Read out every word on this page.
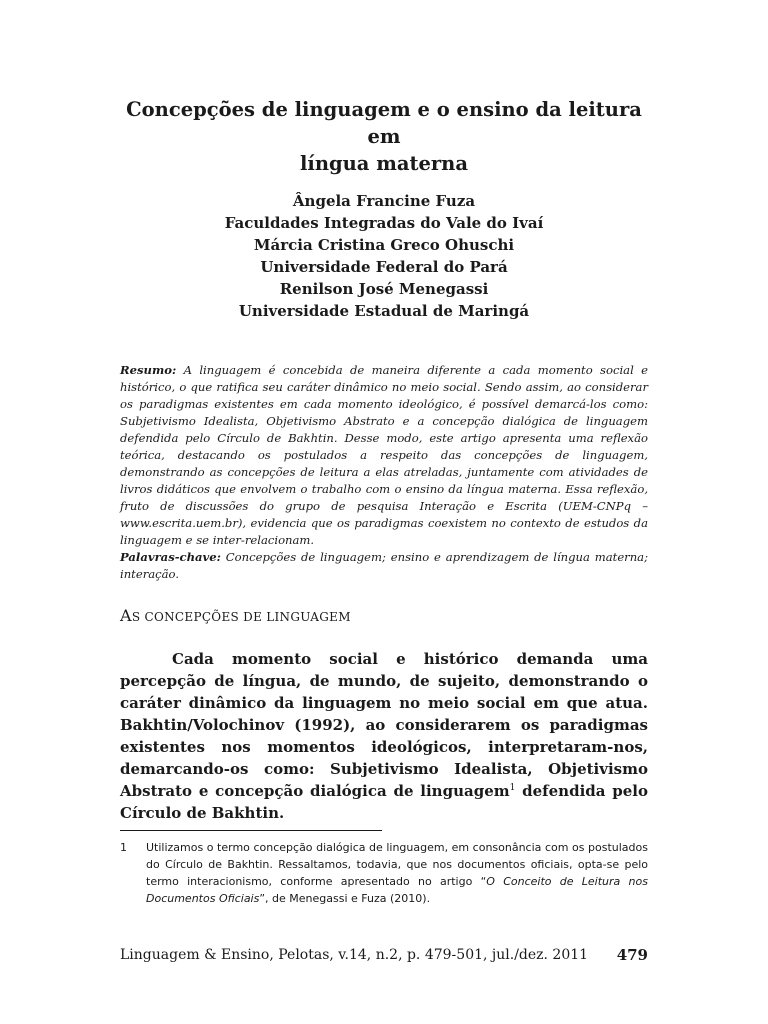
Concepções de linguagem e o ensino da leitura em
língua materna
Ângela Francine Fuza
Faculdades Integradas do Vale do Ivaí
Márcia Cristina Greco Ohuschi
Universidade Federal do Pará
Renilson José Menegassi
Universidade Estadual de Maringá

Resumo: A linguagem é concebida de maneira diferente a cada momento social e histórico, o que ratifica seu caráter dinâmico no meio social. Sendo assim, ao considerar os paradigmas existentes em cada momento ideológico, é possível demarcá-los como: Subjetivismo Idealista, Objetivismo Abstrato e a concepção dialógica de linguagem defendida pelo Círculo de Bakhtin. Desse modo, este artigo apresenta uma reflexão teórica, destacando os postulados a respeito das concepções de linguagem, demonstrando as concepções de leitura a elas atreladas, juntamente com atividades de livros didáticos que envolvem o trabalho com o ensino da língua materna. Essa reflexão, fruto de discussões do grupo de pesquisa Interação e Escrita (UEM-CNPq – www.escrita.uem.br), evidencia que os paradigmas coexistem no contexto de estudos da linguagem e se inter-relacionam.

Palavras-chave: Concepções de linguagem; ensino e aprendizagem de língua materna; interação.

AS CONCEPÇÕES DE LINGUAGEM

Cada momento social e histórico demanda uma percepção de língua, de mundo, de sujeito, demonstrando o caráter dinâmico da linguagem no meio social em que atua. Bakhtin/Volochinov (1992), ao considerarem os paradigmas existentes nos momentos ideológicos, interpretaram-nos, demarcando-os como: Subjetivismo Idealista, Objetivismo Abstrato e concepção dialógica de linguagem$^1$ defendida pelo Círculo de Bakhtin.

1 Utilizamos o termo concepção dialógica de linguagem, em consonância com os postulados do Círculo de Bakhtin. Ressaltamos, todavia, que nos documentos oficiais, opta-se pelo termo interacionismo, conforme apresentado no artigo “O Conceito de Leitura nos Documentos Oficiais”, de Menegassi e Fuza (2010).
Linguagem & Ensino, Pelotas, v.14, n.2, p. 479-501, jul./dez. 2011 479
